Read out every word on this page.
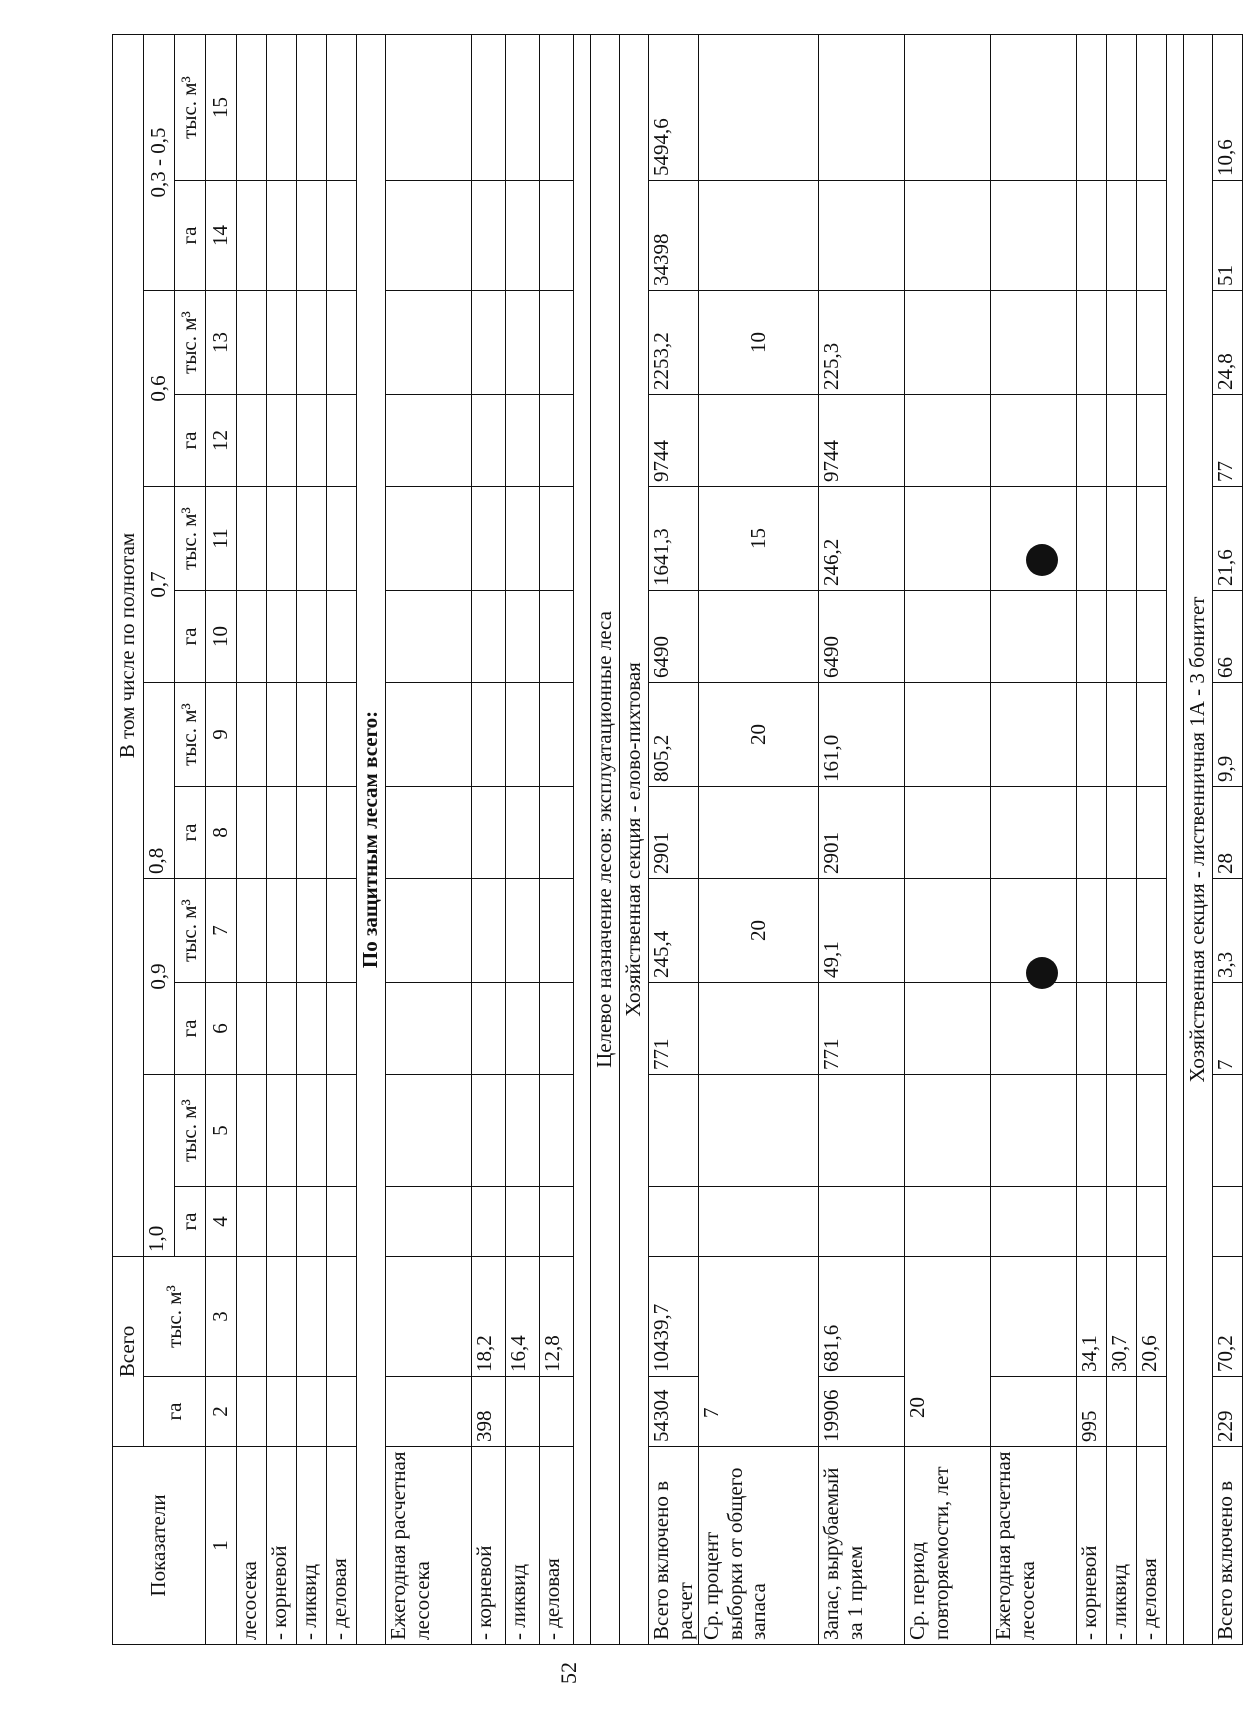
Показатели	Всего		В том числе по полнотам											
	га	тыс. м³	1,0		0,9		0,8		0,7		0,6		0,3 - 0,5	
			га	тыс. м³	га	тыс. м³	га	тыс. м³	га	тыс. м³	га	тыс. м³	га	тыс. м³
1	2	3	4	5	6	7	8	9	10	11	12	13	14	15
лесосека														
- корневой														
- ликвид														
- деловая														
По защитным лесам всего:														
Ежегодная расчетная лесосека														
- корневой	398	18,2												
- ликвид		16,4												
- деловая		12,8												

Целевое назначение лесов: эксплуатационные леса														
Хозяйственная секция - елово-пихтовая														
Всего включено в расчет	54304	10439,7			771	245,4	2901	805,2	6490	1641,3	9744	2253,2	34398	5494,6
Ср. процент выборки от общего запаса	7					20		20		15		10		
Запас, вырубаемый за 1 прием	19906	681,6			771	49,1	2901	161,0	6490	246,2	9744	225,3		
Ср. период повторяемости, лет	20													
Ежегодная расчетная лесосека														
- корневой	995	34,1												
- ликвид		30,7												
- деловая		20,6												

Хозяйственная секция - лиственничная 1А - 3 бонитет														
Всего включено в	229	70,2			7	3,3	28	9,9	66	21,6	77	24,8	51	10,6
52
